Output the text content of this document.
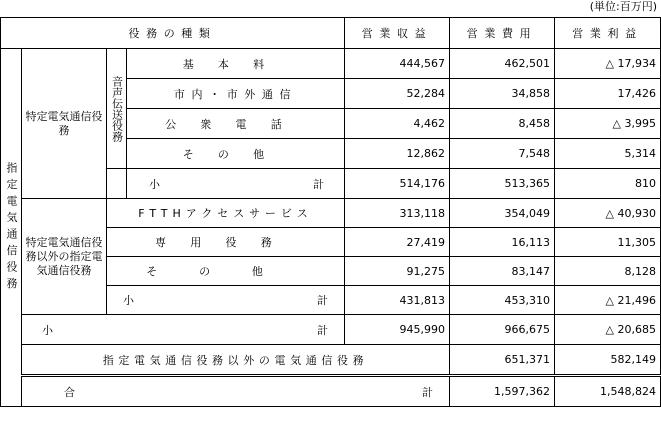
(単位:百万円)
役務の種類				営業収益	営業費用	営業利益	
指定電気通信役務	特定電気通信役務	音声伝送役務	基本料	444,567	462,501	△ 17,934	
			市内・市外通信	52,284	34,858	17,426	
			公衆電話	4,462	8,458	△ 3,995	
			その他	12,862	7,548	5,314	

			小 計	514,176	513,365	810	
	特定電気通信役務以外の指定電気通信役務	FTTHアクセスサービス		313,118	354,049	△ 40,930	
		専用役務		27,419	16,113	11,305	
		その他		91,275	83,147	8,128	

		小 計		431,813	453,310	△ 21,496	

	小 計			945,990	966,675	△ 20,685	
	指定電気通信役務以外の電気通信役務				651,371	582,149	

	合 計				1,597,362	1,548,824	
